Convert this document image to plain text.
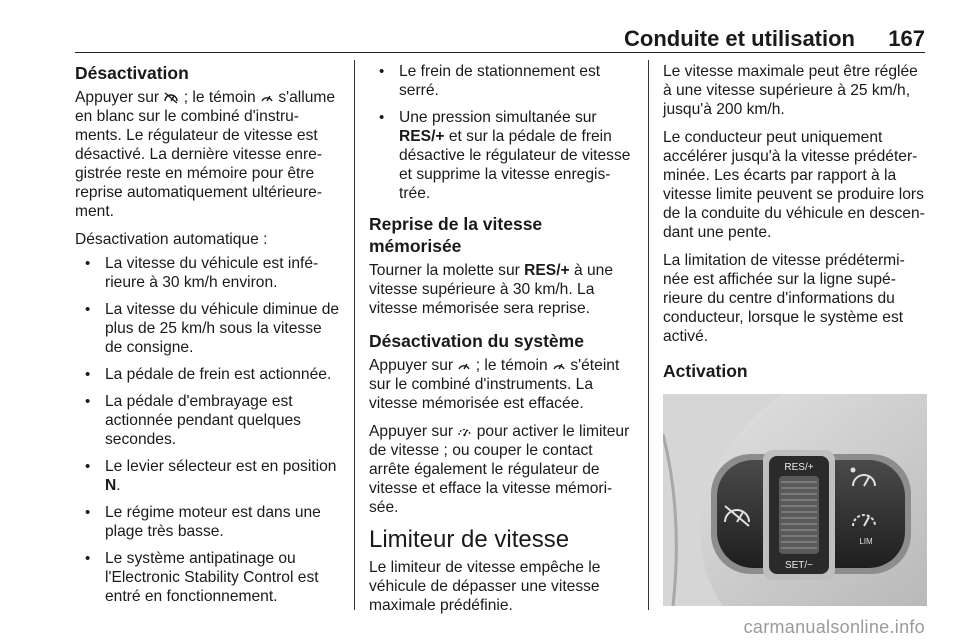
Conduite et utilisation 167
Désactivation

Appuyer sur  ; le témoin  s'allume en blanc sur le combiné d'instru-ments. Le régulateur de vitesse est désactivé. La dernière vitesse enre-gistrée reste en mémoire pour être reprise automatiquement ultérieure-ment.

Désactivation automatique :

• La vitesse du véhicule est infé-rieure à 30 km/h environ.
• La vitesse du véhicule diminue de plus de 25 km/h sous la vitesse de consigne.
• La pédale de frein est actionnée.
• La pédale d'embrayage est actionnée pendant quelques secondes.
• Le levier sélecteur est en position N.
• Le régime moteur est dans une plage très basse.
• Le système antipatinage ou l'Electronic Stability Control est entré en fonctionnement.
• Le frein de stationnement est serré.
• Une pression simultanée sur RES/+ et sur la pédale de frein désactive le régulateur de vitesse et supprime la vitesse enregis-trée.
Reprise de la vitesse mémorisée

Tourner la molette sur RES/+ à une vitesse supérieure à 30 km/h. La vitesse mémorisée sera reprise.

Désactivation du système

Appuyer sur  ; le témoin  s'éteint sur le combiné d'instruments. La vitesse mémorisée est effacée.

Appuyer sur  pour activer le limiteur de vitesse ; ou couper le contact arrête également le régulateur de vitesse et efface la vitesse mémori-sée.

Limiteur de vitesse

Le limiteur de vitesse empêche le véhicule de dépasser une vitesse maximale prédéfinie.

Le vitesse maximale peut être réglée à une vitesse supérieure à 25 km/h, jusqu'à 200 km/h.

Le conducteur peut uniquement accélérer jusqu'à la vitesse prédéter-minée. Les écarts par rapport à la vitesse limite peuvent se produire lors de la conduite du véhicule en descen-dant une pente.

La limitation de vitesse prédétermi-née est affichée sur la ligne supé-rieure du centre d'informations du conducteur, lorsque le système est activé.

Activation
RES/+
SET/−
LIM
carmanualsonline.info
